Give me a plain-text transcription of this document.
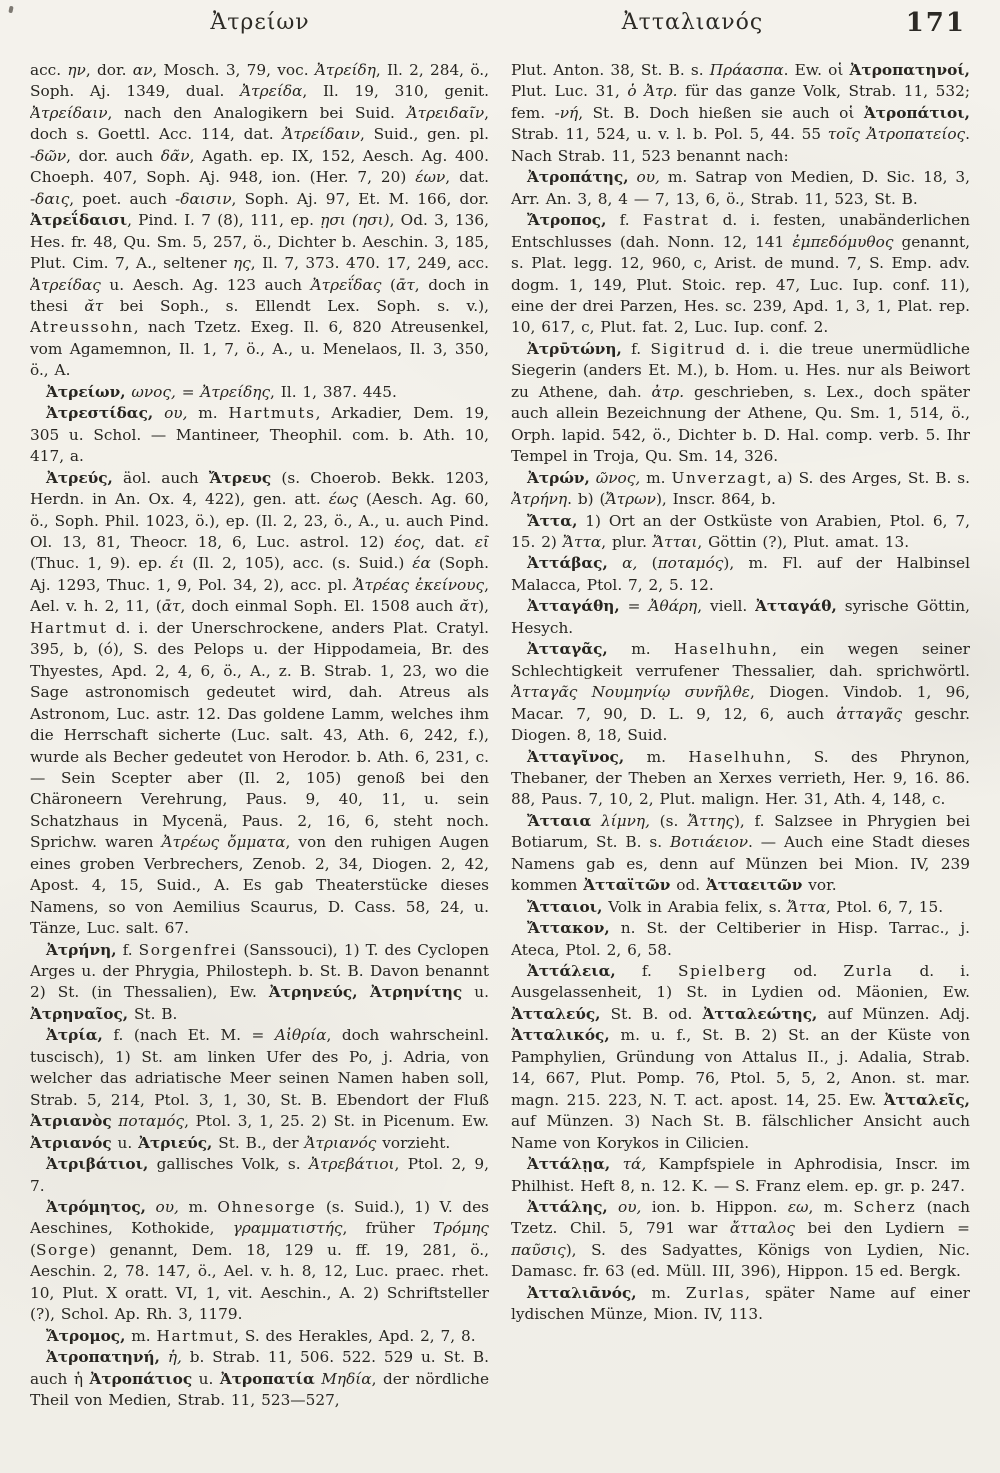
Ἀτρείων	Ἀτταλιανός	171

acc. ην, dor. αν, Mosch. 3, 79, voc. Ἀτρείδη, Il. 2, 284, ö., Soph. Aj. 1349, dual. Ἀτρείδα, Il. 19, 310, genit. Ἀτρείδαιν, nach den Analogikern bei Suid. Ἀτρειδαῖν, doch s. Goettl. Acc. 114, dat. Ἀτρείδαιν, Suid., gen. pl. -δῶν, dor. auch δᾶν, Agath. ep. IX, 152, Aesch. Ag. 400. Choeph. 407, Soph. Aj. 948, ion. (Her. 7, 20) έων, dat. -δαις, poet. auch -δαισιν, Soph. Aj. 97, Et. M. 166, dor. Ἀτρεΐδαισι, Pind. I. 7 (8), 111, ep. ῃσι (ησι), Od. 3, 136, Hes. fr. 48, Qu. Sm. 5, 257, ö., Dichter b. Aeschin. 3, 185, Plut. Cim. 7, A., seltener ης, Il. 7, 373. 470. 17, 249, acc. Ἀτρείδας u. Aesch. Ag. 123 auch Ἀτρεΐδας (ᾱτ, doch in thesi ᾰτ bei Soph., s. Ellendt Lex. Soph. s. v.), Atreussohn, nach Tzetz. Exeg. Il. 6, 820 Atreusenkel, vom Agamemnon, Il. 1, 7, ö., A., u. Menelaos, Il. 3, 350, ö., A.

Ἀτρείων, ωνος, = Ἀτρείδης, Il. 1, 387. 445.

Ἀτρεστίδας, ου, m. Hartmuts, Arkadier, Dem. 19, 305 u. Schol. — Mantineer, Theophil. com. b. Ath. 10, 417, a.

Ἀτρεύς, äol. auch Ἄτρευς (s. Choerob. Bekk. 1203, Herdn. in An. Ox. 4, 422), gen. att. έως (Aesch. Ag. 60, ö., Soph. Phil. 1023, ö.), ep. (Il. 2, 23, ö., A., u. auch Pind. Ol. 13, 81, Theocr. 18, 6, Luc. astrol. 12) έος, dat. εῖ (Thuc. 1, 9). ep. έι (Il. 2, 105), acc. (s. Suid.) έα (Soph. Aj. 1293, Thuc. 1, 9, Pol. 34, 2), acc. pl. Ἀτρέας ἐκείνους, Ael. v. h. 2, 11, (ᾱτ, doch einmal Soph. El. 1508 auch ᾰτ), Hartmut d. i. der Unerschrockene, anders Plat. Cratyl. 395, b, (ό), S. des Pelops u. der Hippodameia, Br. des Thyestes, Apd. 2, 4, 6, ö., A., z. B. Strab. 1, 23, wo die Sage astronomisch gedeutet wird, dah. Atreus als Astronom, Luc. astr. 12. Das goldene Lamm, welches ihm die Herrschaft sicherte (Luc. salt. 43, Ath. 6, 242, f.), wurde als Becher gedeutet von Herodor. b. Ath. 6, 231, c. — Sein Scepter aber (Il. 2, 105) genoß bei den Chäroneern Verehrung, Paus. 9, 40, 11, u. sein Schatzhaus in Mycenä, Paus. 2, 16, 6, steht noch. Sprichw. waren Ἀτρέως ὄμματα, von den ruhigen Augen eines groben Verbrechers, Zenob. 2, 34, Diogen. 2, 42, Apost. 4, 15, Suid., A. Es gab Theaterstücke dieses Namens, so von Aemilius Scaurus, D. Cass. 58, 24, u. Tänze, Luc. salt. 67.

Ἀτρήνη, f. Sorgenfrei (Sanssouci), 1) T. des Cyclopen Arges u. der Phrygia, Philosteph. b. St. B. Davon benannt 2) St. (in Thessalien), Ew. Ἀτρηνεύς, Ἀτρηνίτης u. Ἀτρηναῖος, St. B.

Ἀτρία, f. (nach Et. M. = Αἰθρία, doch wahrscheinl. tuscisch), 1) St. am linken Ufer des Po, j. Adria, von welcher das adriatische Meer seinen Namen haben soll, Strab. 5, 214, Ptol. 3, 1, 30, St. B. Ebendort der Fluß Ἀτριανὸς ποταμός, Ptol. 3, 1, 25. 2) St. in Picenum. Ew. Ἀτριανός u. Ἀτριεύς, St. B., der Ἀτριανός vorzieht.

Ἀτριβάτιοι, gallisches Volk, s. Ἀτρεβάτιοι, Ptol. 2, 9, 7.

Ἀτρόμητος, ου, m. Ohnesorge (s. Suid.), 1) V. des Aeschines, Kothokide, γραμματιστής, früher Τρόμης (Sorge) genannt, Dem. 18, 129 u. ff. 19, 281, ö., Aeschin. 2, 78. 147, ö., Ael. v. h. 8, 12, Luc. praec. rhet. 10, Plut. X oratt. VI, 1, vit. Aeschin., A. 2) Schriftsteller (?), Schol. Ap. Rh. 3, 1179.

Ἄτρομος, m. Hartmut, S. des Herakles, Apd. 2, 7, 8.

Ἀτροπατηνή, ἡ, b. Strab. 11, 506. 522. 529 u. St. B. auch ἡ Ἀτροπάτιος u. Ἀτροπατία Μηδία, der nördliche Theil von Medien, Strab. 11, 523—527,

Plut. Anton. 38, St. B. s. Πράασπα. Ew. οἱ Ἀτροπατηνοί, Plut. Luc. 31, ὁ Ἀτρ. für das ganze Volk, Strab. 11, 532; fem. -νή, St. B. Doch hießen sie auch οἱ Ἀτροπάτιοι, Strab. 11, 524, u. v. l. b. Pol. 5, 44. 55 τοῖς Ἀτροπατείος. Nach Strab. 11, 523 benannt nach:

Ἀτροπάτης, ου, m. Satrap von Medien, D. Sic. 18, 3, Arr. An. 3, 8, 4 — 7, 13, 6, ö., Strab. 11, 523, St. B.

Ἄτροπος, f. Fastrat d. i. festen, unabänderlichen Entschlusses (dah. Nonn. 12, 141 ἐμπεδόμυθος genannt, s. Plat. legg. 12, 960, c, Arist. de mund. 7, S. Emp. adv. dogm. 1, 149, Plut. Stoic. rep. 47, Luc. Iup. conf. 11), eine der drei Parzen, Hes. sc. 239, Apd. 1, 3, 1, Plat. rep. 10, 617, c, Plut. fat. 2, Luc. Iup. conf. 2.

Ἀτρῡτώνη, f. Sigitrud d. i. die treue unermüdliche Siegerin (anders Et. M.), b. Hom. u. Hes. nur als Beiwort zu Athene, dah. ἀτρ. geschrieben, s. Lex., doch später auch allein Bezeichnung der Athene, Qu. Sm. 1, 514, ö., Orph. lapid. 542, ö., Dichter b. D. Hal. comp. verb. 5. Ihr Tempel in Troja, Qu. Sm. 14, 326.

Ἀτρών, ῶνος, m. Unverzagt, a) S. des Arges, St. B. s. Ἀτρήνη. b) (Ἄτρων), Inscr. 864, b.

Ἄττα, 1) Ort an der Ostküste von Arabien, Ptol. 6, 7, 15. 2) Ἄττα, plur. Ἄτται, Göttin (?), Plut. amat. 13.

Ἀττάβας, α, (ποταμός), m. Fl. auf der Halbinsel Malacca, Ptol. 7, 2, 5. 12.

Ἀτταγάθη, = Ἀθάρη, viell. Ἀτταγάθ, syrische Göttin, Hesych.

Ἀτταγᾶς, m. Haselhuhn, ein wegen seiner Schlechtigkeit verrufener Thessalier, dah. sprichwörtl. Ἀτταγᾶς Νουμηνίῳ συνῆλθε, Diogen. Vindob. 1, 96, Macar. 7, 90, D. L. 9, 12, 6, auch ἀτταγᾶς geschr. Diogen. 8, 18, Suid.

Ἀτταγῖνος, m. Haselhuhn, S. des Phrynon, Thebaner, der Theben an Xerxes verrieth, Her. 9, 16. 86. 88, Paus. 7, 10, 2, Plut. malign. Her. 31, Ath. 4, 148, c.

Ἄτταια λίμνη, (s. Ἄττης), f. Salzsee in Phrygien bei Botiarum, St. B. s. Βοτιάειον. — Auch eine Stadt dieses Namens gab es, denn auf Münzen bei Mion. IV, 239 kommen Ἀτταϊτῶν od. Ἀτταειτῶν vor.

Ἄτταιοι, Volk in Arabia felix, s. Ἄττα, Ptol. 6, 7, 15.

Ἄττακον, n. St. der Celtiberier in Hisp. Tarrac., j. Ateca, Ptol. 2, 6, 58.

Ἀττάλεια, f. Spielberg od. Zurla d. i. Ausgelassenheit, 1) St. in Lydien od. Mäonien, Ew. Ἀτταλεύς, St. B. od. Ἀτταλεώτης, auf Münzen. Adj. Ἀτταλικός, m. u. f., St. B. 2) St. an der Küste von Pamphylien, Gründung von Attalus II., j. Adalia, Strab. 14, 667, Plut. Pomp. 76, Ptol. 5, 5, 2, Anon. st. mar. magn. 215. 223, N. T. act. apost. 14, 25. Ew. Ἀτταλεῖς, auf Münzen. 3) Nach St. B. fälschlicher Ansicht auch Name von Korykos in Cilicien.

Ἀττάλῃα, τά, Kampfspiele in Aphrodisia, Inscr. im Philhist. Heft 8, n. 12. K. — S. Franz elem. ep. gr. p. 247.

Ἀττάλης, ου, ion. b. Hippon. εω, m. Scherz (nach Tzetz. Chil. 5, 791 war ἄτταλος bei den Lydiern = παῦσις), S. des Sadyattes, Königs von Lydien, Nic. Damasc. fr. 63 (ed. Müll. III, 396), Hippon. 15 ed. Bergk.

Ἀτταλιᾱνός, m. Zurlas, später Name auf einer lydischen Münze, Mion. IV, 113.
